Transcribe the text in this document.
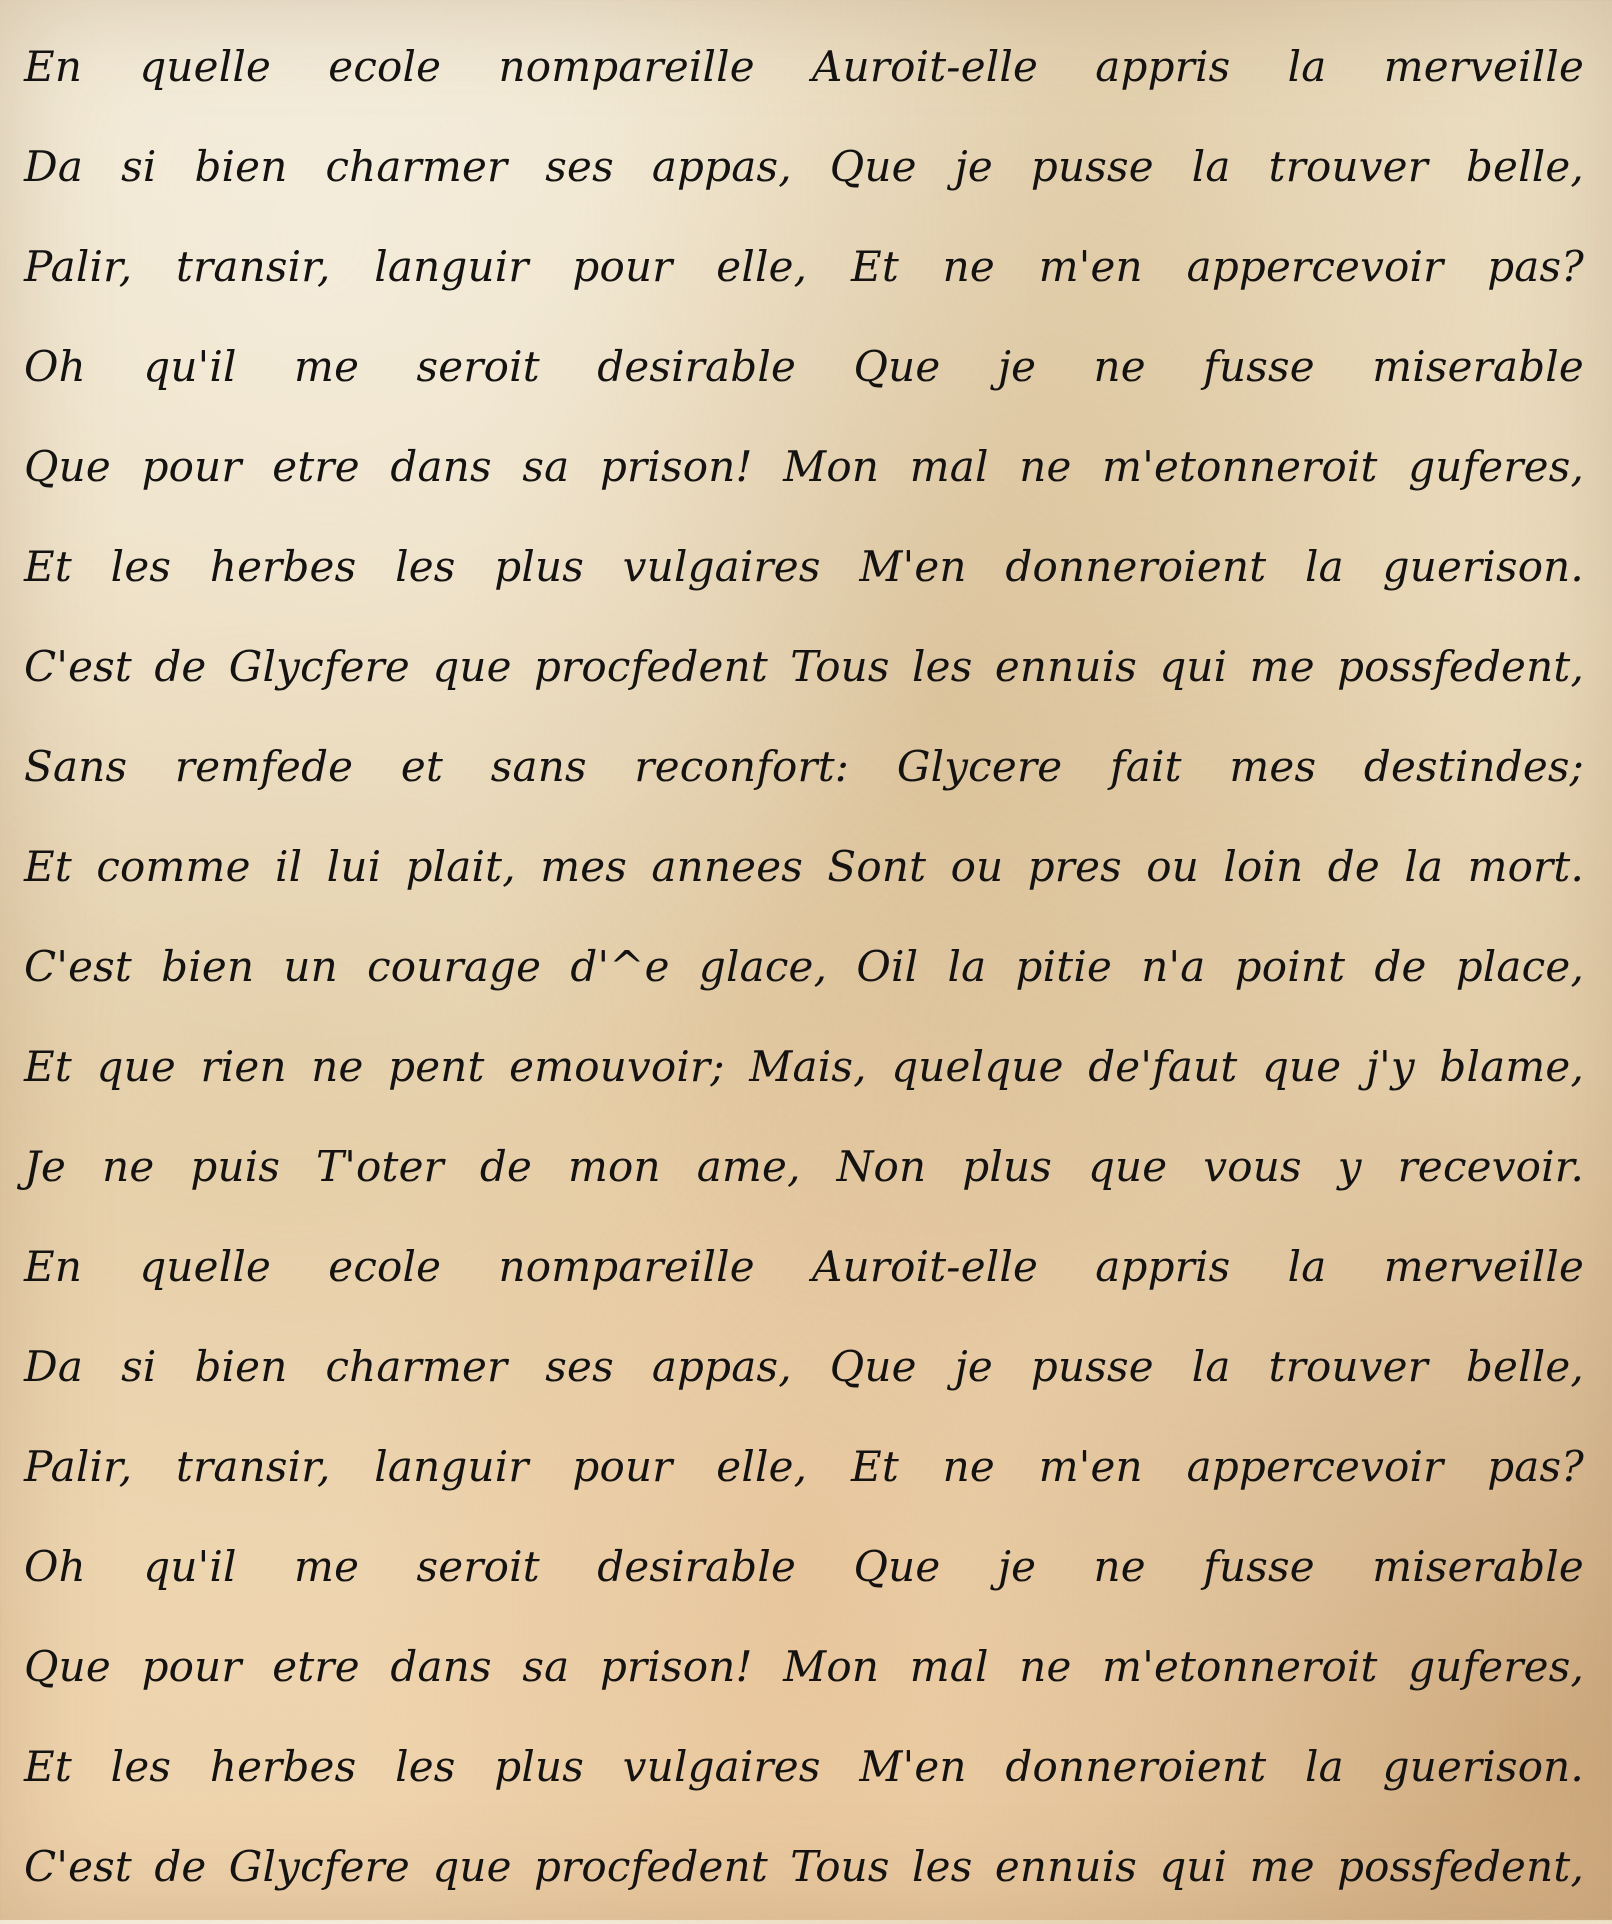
En quelle ecole nompareille Auroit-elle appris la merveille
Da si bien charmer ses appas, Que je pusse la trouver belle,
Palir, transir, languir pour elle, Et ne m'en appercevoir pas?
Oh qu'il me seroit desirable Que je ne fusse miserable
Que pour etre dans sa prison! Mon mal ne m'etonneroit guferes,
Et les herbes les plus vulgaires M'en donneroient la guerison.
C'est de Glycfere que procfedent Tous les ennuis qui me possfedent,
Sans remfede et sans reconfort: Glycere fait mes destindes;
Et comme il lui plait, mes annees Sont ou pres ou loin de la mort.
C'est bien un courage d'^e glace, Oil la pitie n'a point de place,
Et que rien ne pent emouvoir; Mais, quelque de'faut que j'y blame,
Je ne puis T'oter de mon ame, Non plus que vous y recevoir.
En quelle ecole nompareille Auroit-elle appris la merveille
Da si bien charmer ses appas, Que je pusse la trouver belle,
Palir, transir, languir pour elle, Et ne m'en appercevoir pas?
Oh qu'il me seroit desirable Que je ne fusse miserable
Que pour etre dans sa prison! Mon mal ne m'etonneroit guferes,
Et les herbes les plus vulgaires M'en donneroient la guerison.
C'est de Glycfere que procfedent Tous les ennuis qui me possfedent,
